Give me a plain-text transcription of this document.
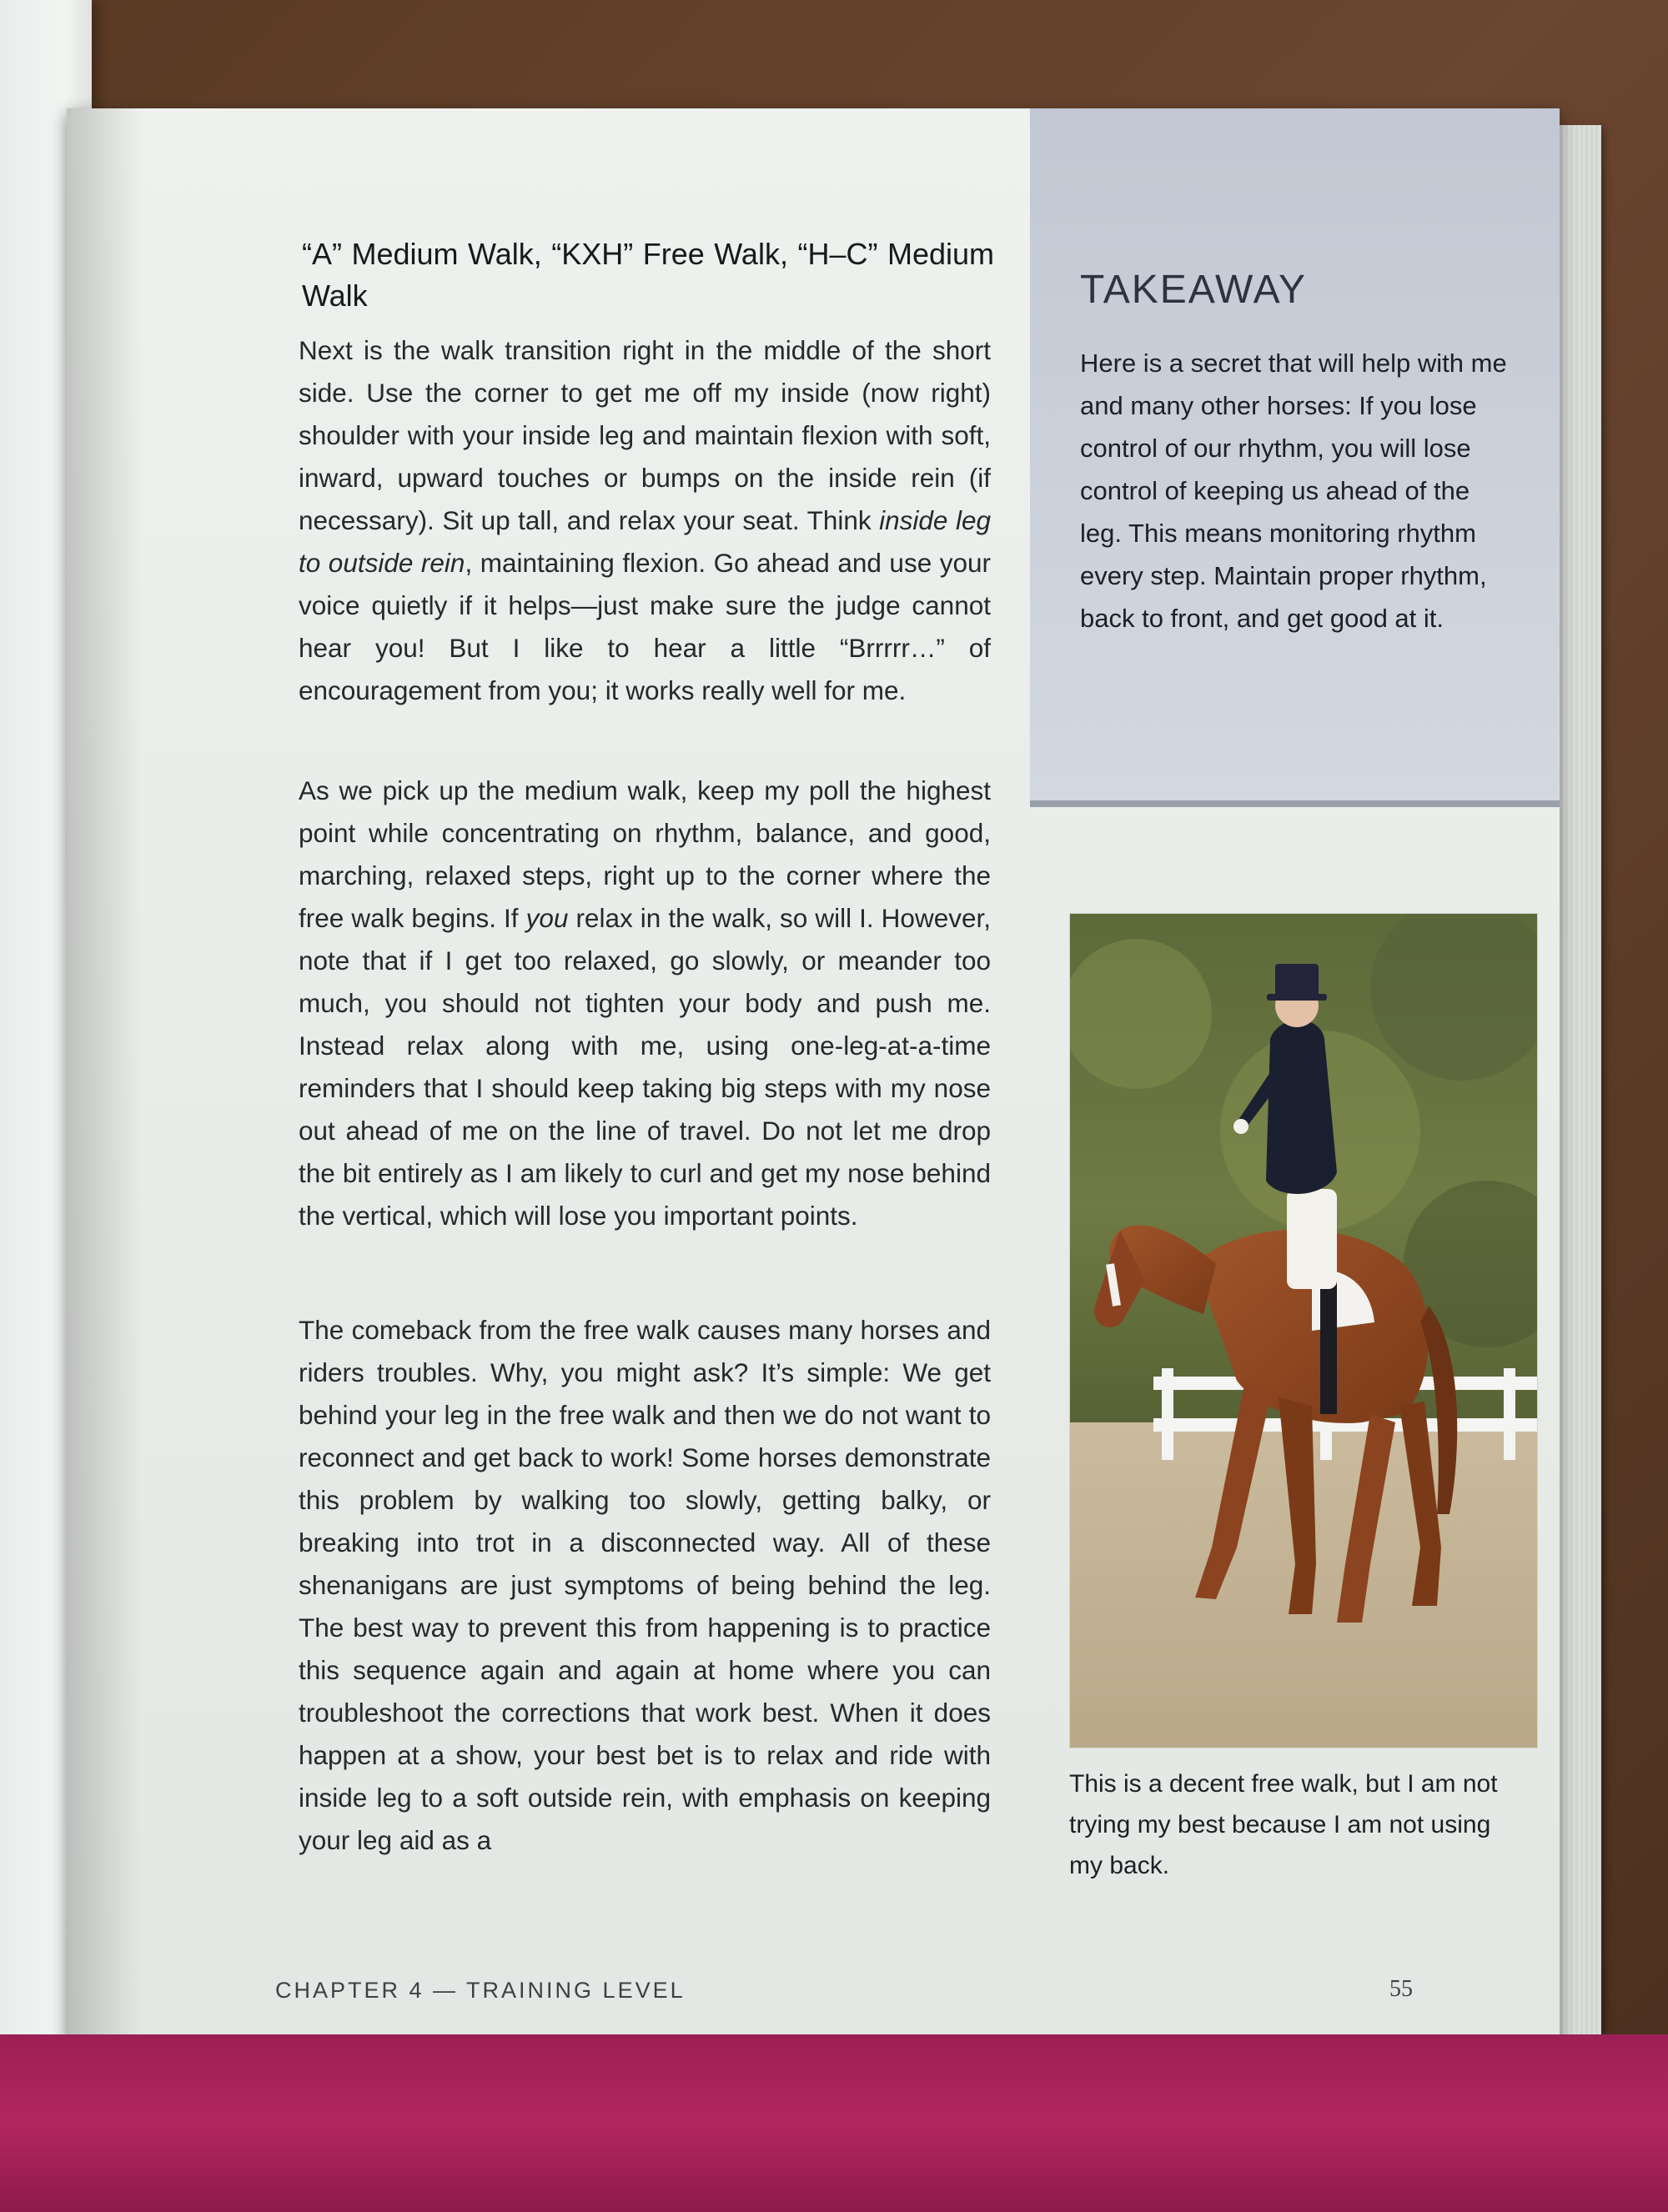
TAKEAWAY

Here is a secret that will help with me and many other horses: If you lose control of our rhythm, you will lose control of keeping us ahead of the leg. This means monitoring rhythm every step. Maintain proper rhythm, back to front, and get good at it.

“A” Medium Walk, “KXH” Free Walk, “H–C” Medium Walk

Next is the walk transition right in the middle of the short side. Use the corner to get me off my inside (now right) shoulder with your inside leg and maintain flexion with soft, inward, upward touches or bumps on the inside rein (if necessary). Sit up tall, and relax your seat. Think inside leg to outside rein, maintaining flexion. Go ahead and use your voice quietly if it helps—just make sure the judge cannot hear you! But I like to hear a little “Brrrrr…” of encouragement from you; it works really well for me.

As we pick up the medium walk, keep my poll the highest point while concentrating on rhythm, balance, and good, marching, relaxed steps, right up to the corner where the free walk begins. If you relax in the walk, so will I. However, note that if I get too relaxed, go slowly, or meander too much, you should not tighten your body and push me. Instead relax along with me, using one-leg-at-a-time reminders that I should keep taking big steps with my nose out ahead of me on the line of travel. Do not let me drop the bit entirely as I am likely to curl and get my nose behind the vertical, which will lose you important points.

The comeback from the free walk causes many horses and riders troubles. Why, you might ask? It’s simple: We get behind your leg in the free walk and then we do not want to reconnect and get back to work! Some horses demonstrate this problem by walking too slowly, getting balky, or breaking into trot in a disconnected way. All of these shenanigans are just symptoms of being behind the leg. The best way to prevent this from happening is to practice this sequence again and again at home where you can troubleshoot the corrections that work best. When it does happen at a show, your best bet is to relax and ride with inside leg to a soft outside rein, with emphasis on keeping your leg aid as a

This is a decent free walk, but I am not trying my best because I am not using my back.

CHAPTER 4 — TRAINING LEVEL	55
